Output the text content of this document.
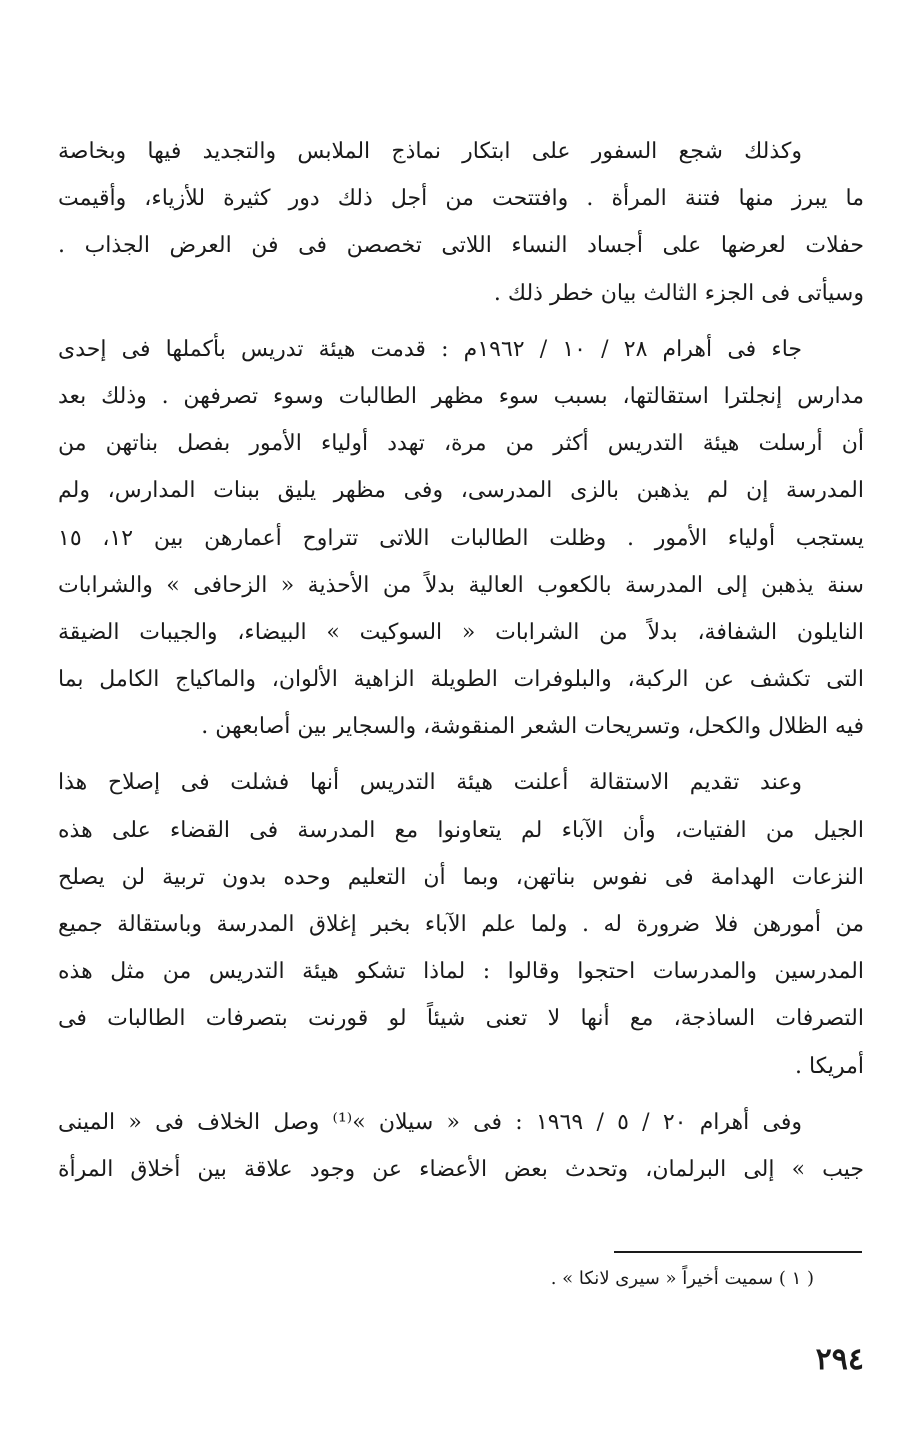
وكذلك شجع السفور على ابتكار نماذج الملابس والتجديد فيها وبخاصة
ما يبرز منها فتنة المرأة . وافتتحت من أجل ذلك دور كثيرة للأزياء، وأقيمت
حفلات لعرضها على أجساد النساء اللاتى تخصصن فى فن العرض الجذاب .
وسيأتى فى الجزء الثالث بيان خطر ذلك .

جاء فى أهرام ٢٨ / ١٠ / ١٩٦٢م : قدمت هيئة تدريس بأكملها فى إحدى
مدارس إنجلترا استقالتها، بسبب سوء مظهر الطالبات وسوء تصرفهن . وذلك بعد
أن أرسلت هيئة التدريس أكثر من مرة، تهدد أولياء الأمور بفصل بناتهن من
المدرسة إن لم يذهبن بالزى المدرسى، وفى مظهر يليق ببنات المدارس، ولم
يستجب أولياء الأمور . وظلت الطالبات اللاتى تتراوح أعمارهن بين ١٢، ١٥
سنة يذهبن إلى المدرسة بالكعوب العالية بدلاً من الأحذية « الزحافى » والشرابات
النايلون الشفافة، بدلاً من الشرابات « السوكيت » البيضاء، والجيبات الضيقة
التى تكشف عن الركبة، والبلوفرات الطويلة الزاهية الألوان، والماكياج الكامل بما
فيه الظلال والكحل، وتسريحات الشعر المنقوشة، والسجاير بين أصابعهن .

وعند تقديم الاستقالة أعلنت هيئة التدريس أنها فشلت فى إصلاح هذا
الجيل من الفتيات، وأن الآباء لم يتعاونوا مع المدرسة فى القضاء على هذه
النزعات الهدامة فى نفوس بناتهن، وبما أن التعليم وحده بدون تربية لن يصلح
من أمورهن فلا ضرورة له . ولما علم الآباء بخبر إغلاق المدرسة وباستقالة جميع
المدرسين والمدرسات احتجوا وقالوا : لماذا تشكو هيئة التدريس من مثل هذه
التصرفات الساذجة، مع أنها لا تعنى شيئاً لو قورنت بتصرفات الطالبات فى
أمريكا .

وفى أهرام ٢٠ / ٥ / ١٩٦٩ : فى « سيلان »⁽¹⁾ وصل الخلاف فى « المينى
جيب » إلى البرلمان، وتحدث بعض الأعضاء عن وجود علاقة بين أخلاق المرأة

( ١ ) سميت أخيراً « سيرى لانكا » .
٢٩٤
